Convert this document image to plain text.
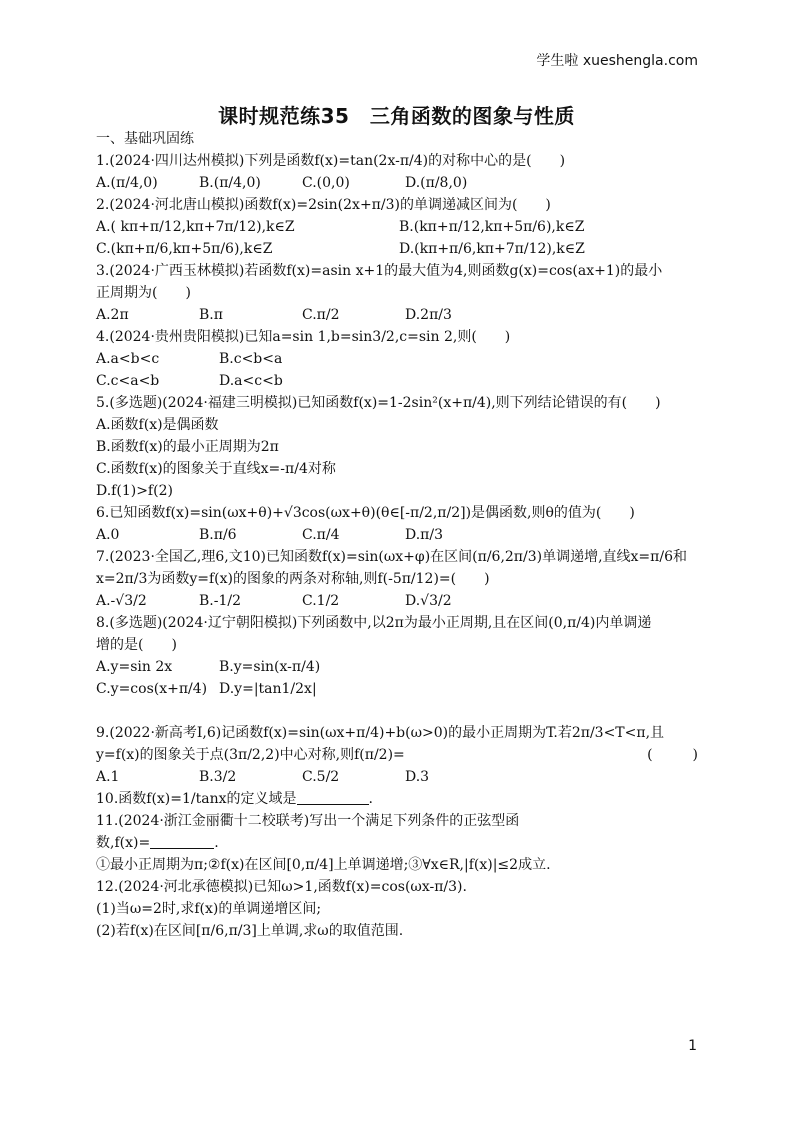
学生啦 xueshengla.com
课时规范练35　三角函数的图象与性质
一、基础巩固练
1.(2024·四川达州模拟)下列是函数f(x)=tan(2x-π/4)的对称中心的是(　　)
A.(π/4,0)	B.(π/4,0)	C.(0,0)	D.(π/8,0)
2.(2024·河北唐山模拟)函数f(x)=2sin(2x+π/3)的单调递减区间为(　　)
A.( kπ+π/12,kπ+7π/12),k∈Z	B.(kπ+π/12,kπ+5π/6),k∈Z
C.(kπ+π/6,kπ+5π/6),k∈Z	D.(kπ+π/6,kπ+7π/12),k∈Z
3.(2024·广西玉林模拟)若函数f(x)=asin x+1的最大值为4,则函数g(x)=cos(ax+1)的最小
正周期为(　　)
A.2π	B.π	C.π/2	D.2π/3
4.(2024·贵州贵阳模拟)已知a=sin 1,b=sin3/2,c=sin 2,则(　　)
A.a<b<c	B.c<b<a
C.c<a<b	D.a<c<b
5.(多选题)(2024·福建三明模拟)已知函数f(x)=1-2sin²(x+π/4),则下列结论错误的有(　　)
A.函数f(x)是偶函数
B.函数f(x)的最小正周期为2π
C.函数f(x)的图象关于直线x=-π/4对称
D.f(1)>f(2)
6.已知函数f(x)=sin(ωx+θ)+√3cos(ωx+θ)(θ∈[-π/2,π/2])是偶函数,则θ的值为(　　)
A.0	B.π/6	C.π/4	D.π/3
7.(2023·全国乙,理6,文10)已知函数f(x)=sin(ωx+φ)在区间(π/6,2π/3)单调递增,直线x=π/6和
x=2π/3为函数y=f(x)的图象的两条对称轴,则f(-5π/12)=(　　)
A.-√3/2	B.-1/2	C.1/2	D.√3/2
8.(多选题)(2024·辽宁朝阳模拟)下列函数中,以2π为最小正周期,且在区间(0,π/4)内单调递
增的是(　　)
A.y=sin 2x	B.y=sin(x-π/4)
C.y=cos(x+π/4) D.y=|tan1/2x|
9.(2022·新高考Ⅰ,6)记函数f(x)=sin(ωx+π/4)+b(ω>0)的最小正周期为T.若2π/3<T<π,且
y=f(x)的图象关于点(3π/2,2)中心对称,则f(π/2)=	(　　)
A.1	B.3/2	C.5/2	D.3
10.函数f(x)=1/tanx的定义域是	.
11.(2024·浙江金丽衢十二校联考)写出一个满足下列条件的正弦型函
数,f(x)=	.
①最小正周期为π;②f(x)在区间[0,π/4]上单调递增;③∀x∈R,|f(x)|≤2成立.
12.(2024·河北承德模拟)已知ω>1,函数f(x)=cos(ωx-π/3).
(1)当ω=2时,求f(x)的单调递增区间;
(2)若f(x)在区间[π/6,π/3]上单调,求ω的取值范围.
1
